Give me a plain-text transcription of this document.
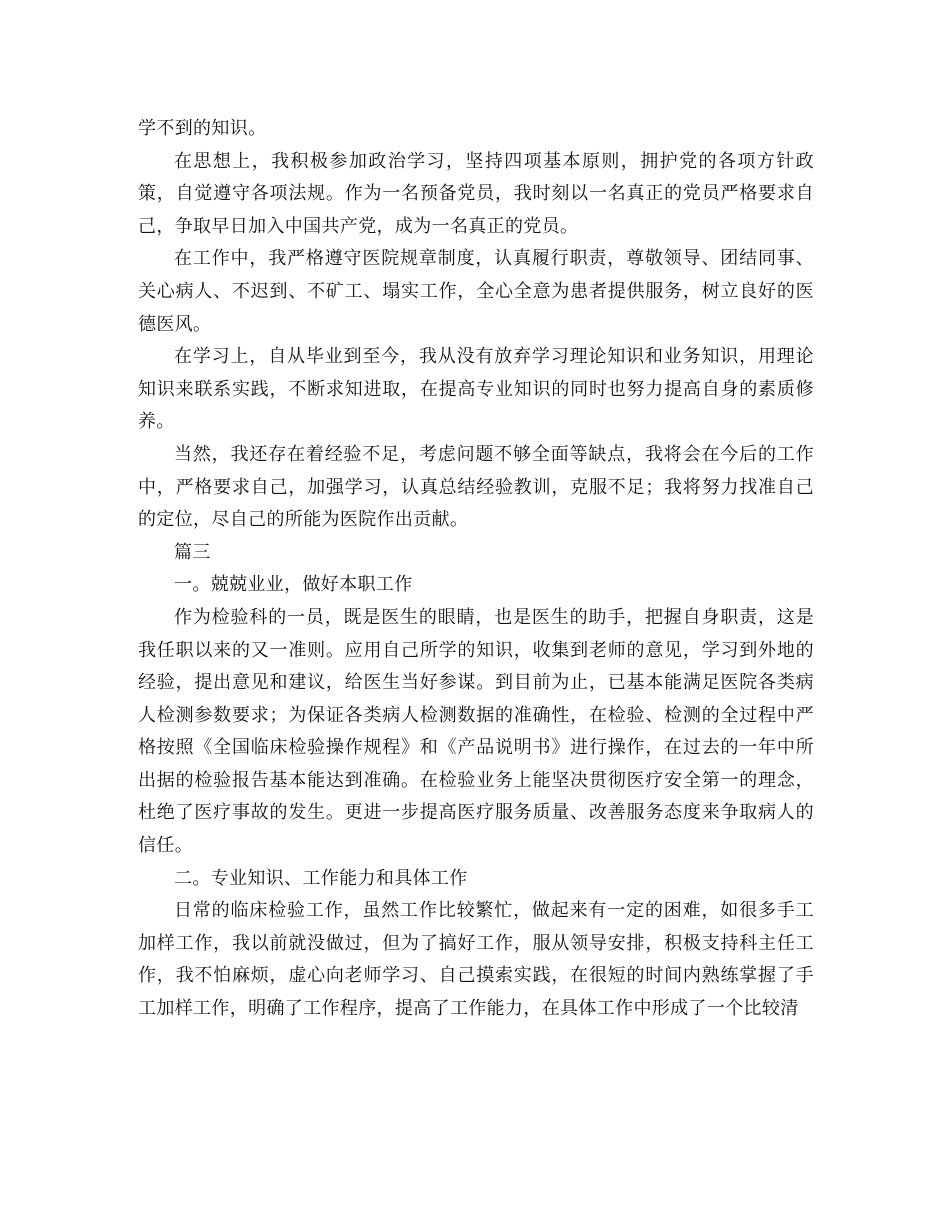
学不到的知识。

在思想上，我积极参加政治学习，坚持四项基本原则，拥护党的各项方针政策，自觉遵守各项法规。作为一名预备党员，我时刻以一名真正的党员严格要求自己，争取早日加入中国共产党，成为一名真正的党员。

在工作中，我严格遵守医院规章制度，认真履行职责，尊敬领导、团结同事、关心病人、不迟到、不矿工、塌实工作，全心全意为患者提供服务，树立良好的医德医风。

在学习上，自从毕业到至今，我从没有放弃学习理论知识和业务知识，用理论知识来联系实践，不断求知进取，在提高专业知识的同时也努力提高自身的素质修养。

当然，我还存在着经验不足，考虑问题不够全面等缺点，我将会在今后的工作中，严格要求自己，加强学习，认真总结经验教训，克服不足；我将努力找准自己的定位，尽自己的所能为医院作出贡献。

篇三

一。兢兢业业，做好本职工作

作为检验科的一员，既是医生的眼睛，也是医生的助手，把握自身职责，这是我任职以来的又一准则。应用自己所学的知识，收集到老师的意见，学习到外地的经验，提出意见和建议，给医生当好参谋。到目前为止，已基本能满足医院各类病人检测参数要求；为保证各类病人检测数据的准确性，在检验、检测的全过程中严格按照《全国临床检验操作规程》和《产品说明书》进行操作，在过去的一年中所出据的检验报告基本能达到准确。在检验业务上能坚决贯彻医疗安全第一的理念，杜绝了医疗事故的发生。更进一步提高医疗服务质量、改善服务态度来争取病人的信任。

二。专业知识、工作能力和具体工作

日常的临床检验工作，虽然工作比较繁忙，做起来有一定的困难，如很多手工加样工作，我以前就没做过，但为了搞好工作，服从领导安排，积极支持科主任工作，我不怕麻烦，虚心向老师学习、自己摸索实践，在很短的时间内熟练掌握了手工加样工作，明确了工作程序，提高了工作能力，在具体工作中形成了一个比较清
